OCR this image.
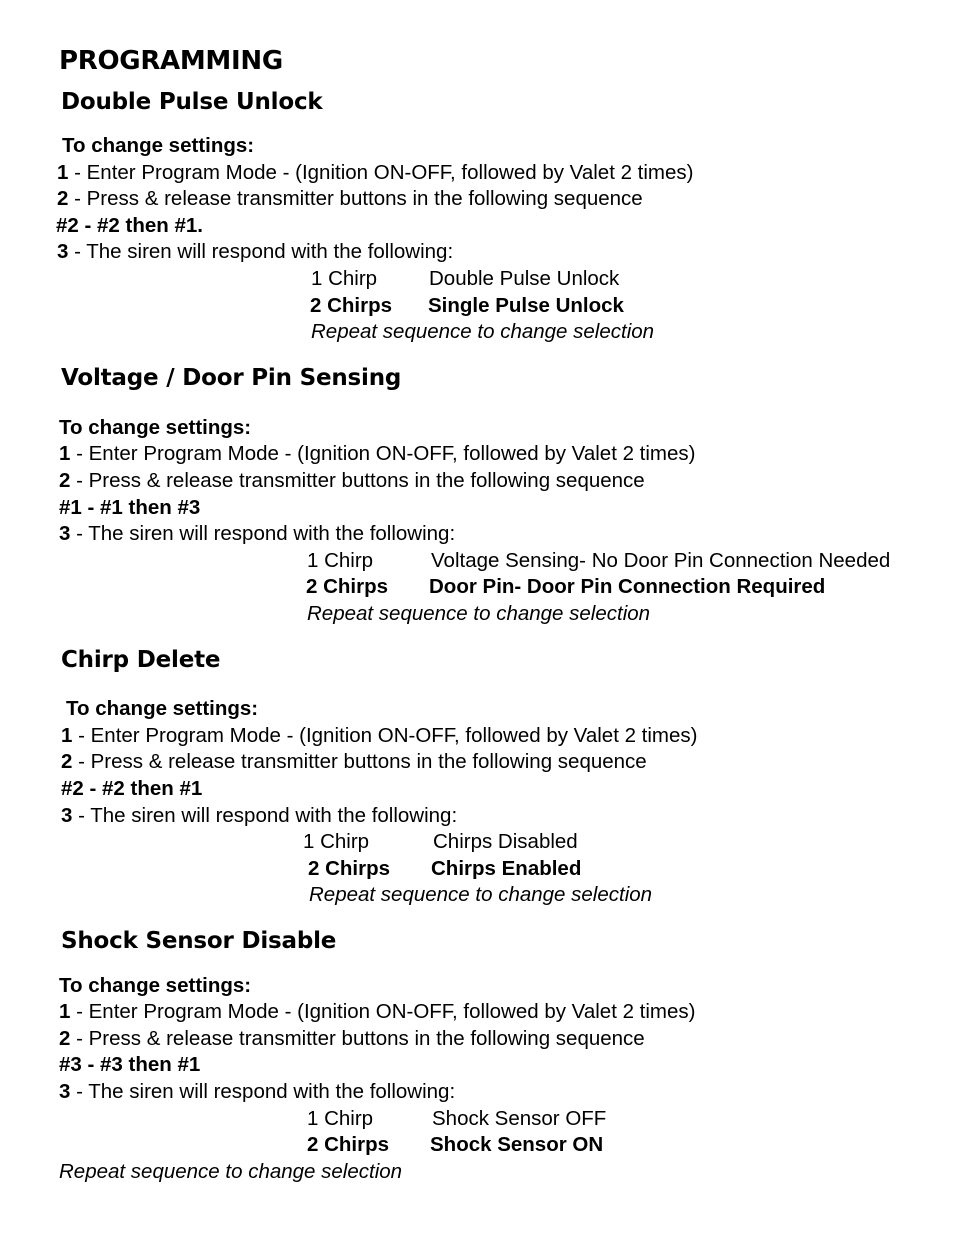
PROGRAMMING
Double Pulse Unlock
To change settings:
1 - Enter Program Mode - (Ignition ON-OFF, followed by Valet 2 times)
2 - Press & release transmitter buttons in the following sequence
#2 - #2 then #1.
3 - The siren will respond with the following:
1 Chirp	Double Pulse Unlock
2 Chirps Single Pulse Unlock
Repeat sequence to change selection
Voltage / Door Pin Sensing
To change settings:
1 - Enter Program Mode - (Ignition ON-OFF, followed by Valet 2 times)
2 - Press & release transmitter buttons in the following sequence
#1 - #1 then #3
3 - The siren will respond with the following:
1 Chirp	Voltage Sensing- No Door Pin Connection Needed
2 Chirps Door Pin- Door Pin Connection Required
Repeat sequence to change selection
Chirp Delete
To change settings:
1 - Enter Program Mode - (Ignition ON-OFF, followed by Valet 2 times)
2 - Press & release transmitter buttons in the following sequence
#2 - #2 then #1
3 - The siren will respond with the following:
1 Chirp	Chirps Disabled
2 Chirps Chirps Enabled
Repeat sequence to change selection
Shock Sensor Disable
To change settings:
1 - Enter Program Mode - (Ignition ON-OFF, followed by Valet 2 times)
2 - Press & release transmitter buttons in the following sequence
#3 - #3 then #1
3 - The siren will respond with the following:
1 Chirp	Shock Sensor OFF
2 Chirps Shock Sensor ON
Repeat sequence to change selection
